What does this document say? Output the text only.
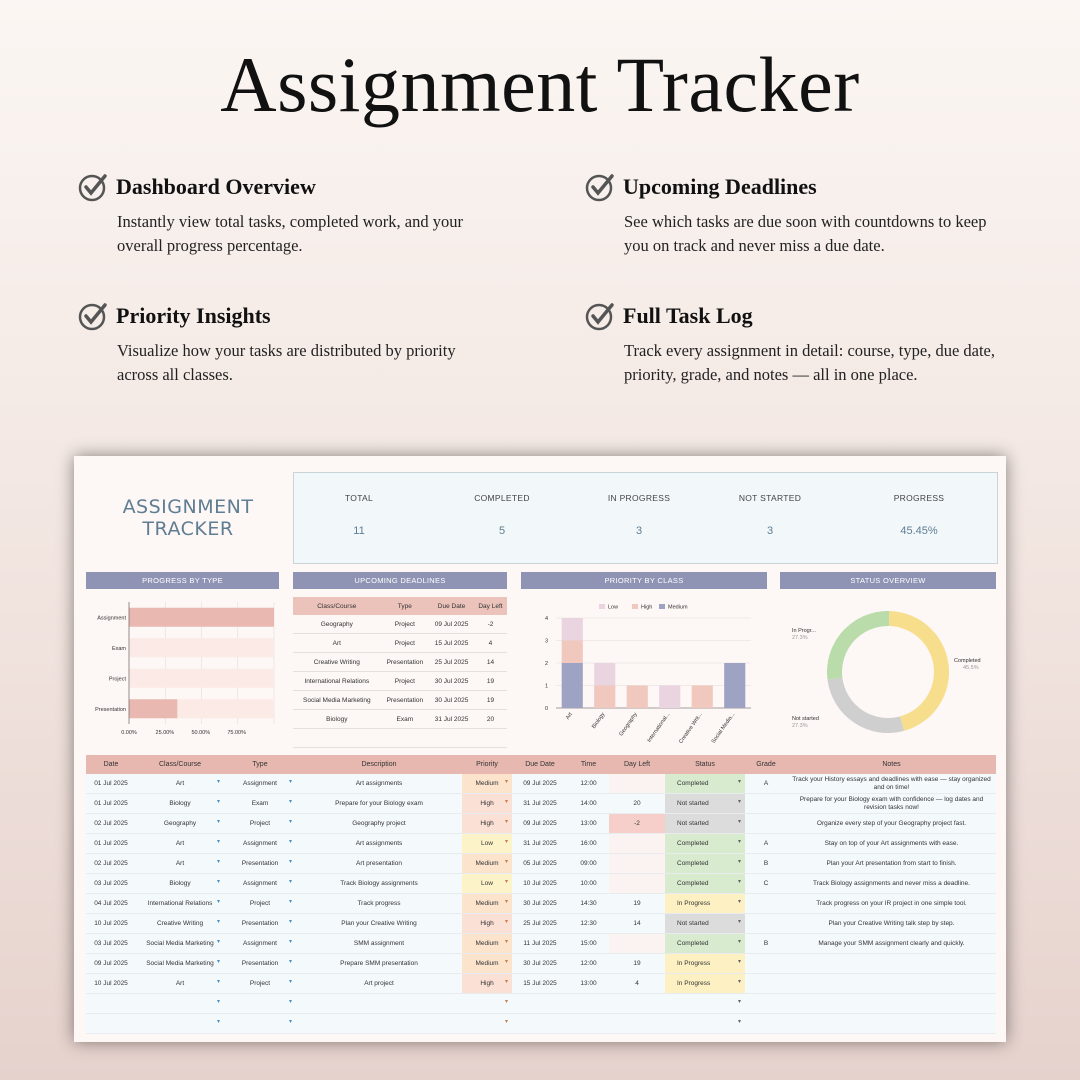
Assignment Tracker
Dashboard Overview
Instantly view total tasks, completed work, and your overall progress percentage.
Upcoming Deadlines
See which tasks are due soon with countdowns to keep you on track and never miss a due date.
Priority Insights
Visualize how your tasks are distributed by priority across all classes.
Full Task Log
Track every assignment in detail: course, type, due date, priority, grade, and notes — all in one place.
ASSIGNMENT
TRACKER
TOTAL
11
COMPLETED
5
IN PROGRESS
3
NOT STARTED
3
PROGRESS
45.45%
PROGRESS BY TYPE	UPCOMING DEADLINES	PRIORITY BY CLASS	STATUS OVERVIEW
Assignment
Exam
Project
Presentation
0.00%	25.00%	50.00%	75.00%
Class/Course	Type	Due Date	Day Left
Geography	Project	09 Jul 2025	-2
Art	Project	15 Jul 2025	4
Creative Writing	Presentation	25 Jul 2025	14
International Relations	Project	30 Jul 2025	19
Social Media Marketing	Presentation	30 Jul 2025	19
Biology	Exam	31 Jul 2025	20

Low	High	Medium
0
1
2
3
4
Art	Biology Geography International... Creative Writ... Social Media...
Completed
45.5%
Not started
27.3%
In Progr...
27.3%
Date	Class/Course	Type	Description	Priority	Due Date	Time	Day Left	Status	Grade	Notes
01 Jul 2025	Art ▾	Assignment ▾	Art assignments	Medium ▾	09 Jul 2025	12:00		Completed ▾	A	Track your History essays and deadlines with ease — stay organized and on time!
01 Jul 2025	Biology ▾	Exam ▾	Prepare for your Biology exam	High ▾	31 Jul 2025	14:00	20	Not started ▾		Prepare for your Biology exam with confidence — log dates and revision tasks now!
02 Jul 2025	Geography ▾	Project ▾	Geography project	High ▾	09 Jul 2025	13:00	-2	Not started ▾		Organize every step of your Geography project fast.
01 Jul 2025	Art ▾	Assignment ▾	Art assignments	Low ▾	31 Jul 2025	16:00		Completed ▾	A	Stay on top of your Art assignments with ease.
02 Jul 2025	Art ▾	Presentation ▾	Art presentation	Medium ▾	05 Jul 2025	09:00		Completed ▾	B	Plan your Art presentation from start to finish.
03 Jul 2025	Biology ▾	Assignment ▾	Track Biology assignments	Low ▾	10 Jul 2025	10:00		Completed ▾	C	Track Biology assignments and never miss a deadline.
04 Jul 2025	International Relations ▾	Project ▾	Track progress	Medium ▾	30 Jul 2025	14:30	19	In Progress ▾		Track progress on your IR project in one simple tool.
10 Jul 2025	Creative Writing ▾	Presentation ▾	Plan your Creative Writing	High ▾	25 Jul 2025	12:30	14	Not started ▾		Plan your Creative Writing talk step by step.
03 Jul 2025	Social Media Marketing ▾	Assignment ▾	SMM assignment	Medium ▾	11 Jul 2025	15:00		Completed ▾	B	Manage your SMM assignment clearly and quickly.
09 Jul 2025	Social Media Marketing ▾	Presentation ▾	Prepare SMM presentation	Medium ▾	30 Jul 2025	12:00	19	In Progress ▾		
10 Jul 2025	Art ▾	Project ▾	Art project	High ▾	15 Jul 2025	13:00	4	In Progress ▾		
	▾	▾		▾				▾		
	▾	▾		▾				▾		
